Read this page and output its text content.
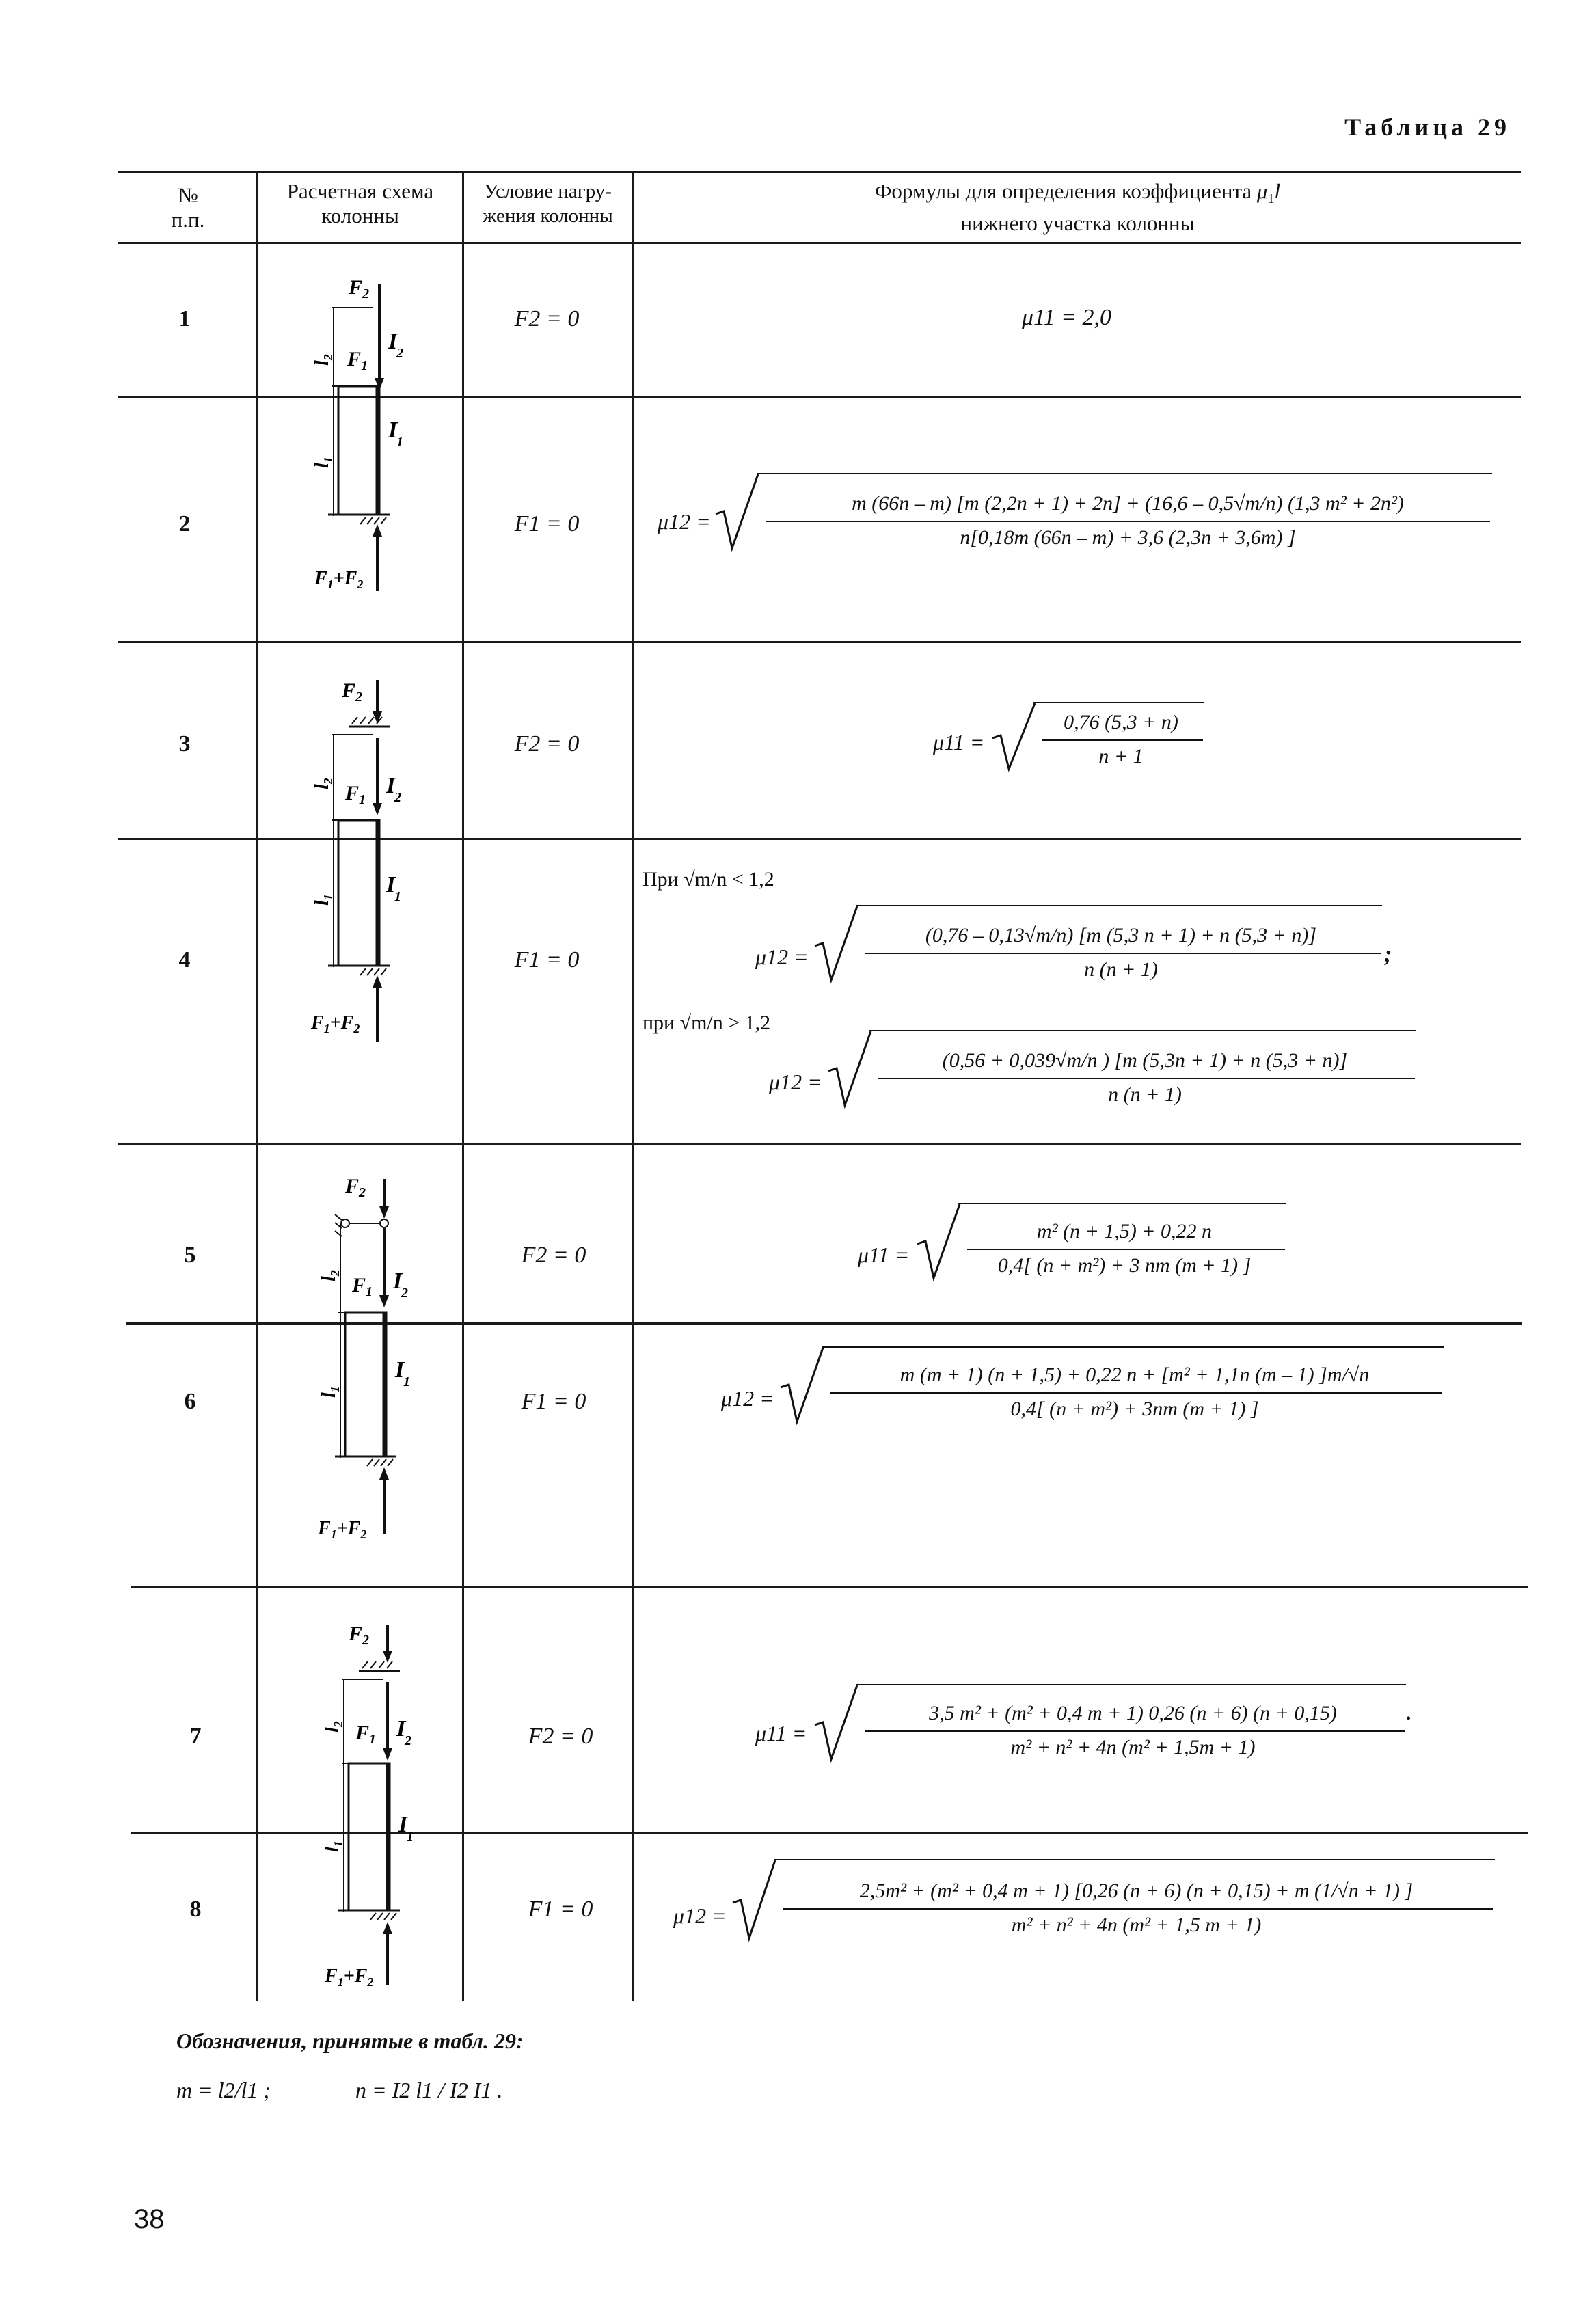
Таблица 29
№
п.п.
Расчетная схема
колонны
Условие нагру-
жения колонны
Формулы для определения коэффициента $\mu_1l$
нижнего участка колонны
1
2
3
4
5
6
7
8
F2 = 0
F1 = 0
F2 = 0
F1 = 0
F2 = 0
F1 = 0
F2 = 0
F1 = 0
μ11 = 2,0
μ12 =
m (66n – m) [m (2,2n + 1) + 2n] + (16,6 – 0,5√m/n) (1,3 m² + 2n²)
n[0,18m (66n – m) + 3,6 (2,3n + 3,6m) ]
μ11 =
0,76 (5,3 + n)
n + 1
При √m/n < 1,2
μ12 =
(0,76 – 0,13√m/n) [m (5,3 n + 1) + n (5,3 + n)]
n (n + 1)
;
при √m/n > 1,2
μ12 =
(0,56 + 0,039√m/n ) [m (5,3n + 1) + n (5,3 + n)]
n (n + 1)
μ11 =
m² (n + 1,5) + 0,22 n
0,4[ (n + m²) + 3 nm (m + 1) ]
μ12 =
m (m + 1) (n + 1,5) + 0,22 n + [m² + 1,1n (m – 1) ]m/√n
0,4[ (n + m²) + 3nm (m + 1) ]
μ11 =
3,5 m² + (m² + 0,4 m + 1) 0,26 (n + 6) (n + 0,15)
m² + n² + 4n (m² + 1,5m + 1)
.
μ12 =
2,5m² + (m² + 0,4 m + 1) [0,26 (n + 6) (n + 0,15) + m (1/√n + 1) ]
m² + n² + 4n (m² + 1,5 m + 1)
$F_2$
$F_1$
I
2
$l_2$
I
1
$l_1$
$F_1+F_2$
$F_2$
$F_1$
I
2
$l_2$
I
1
$l_1$
$F_1+F_2$
$F_2$
$F_1$ I
2
$l_2$
I
1
$l_1$
$F_1+F_2$
$F_2$
$F_1$ I
2
$l_2$
I
1
$l_1$
$F_1+F_2$
Обозначения, принятые в табл. 29:
m = l2/l1 ;	n = I2 l1 / I2 I1 .
38
